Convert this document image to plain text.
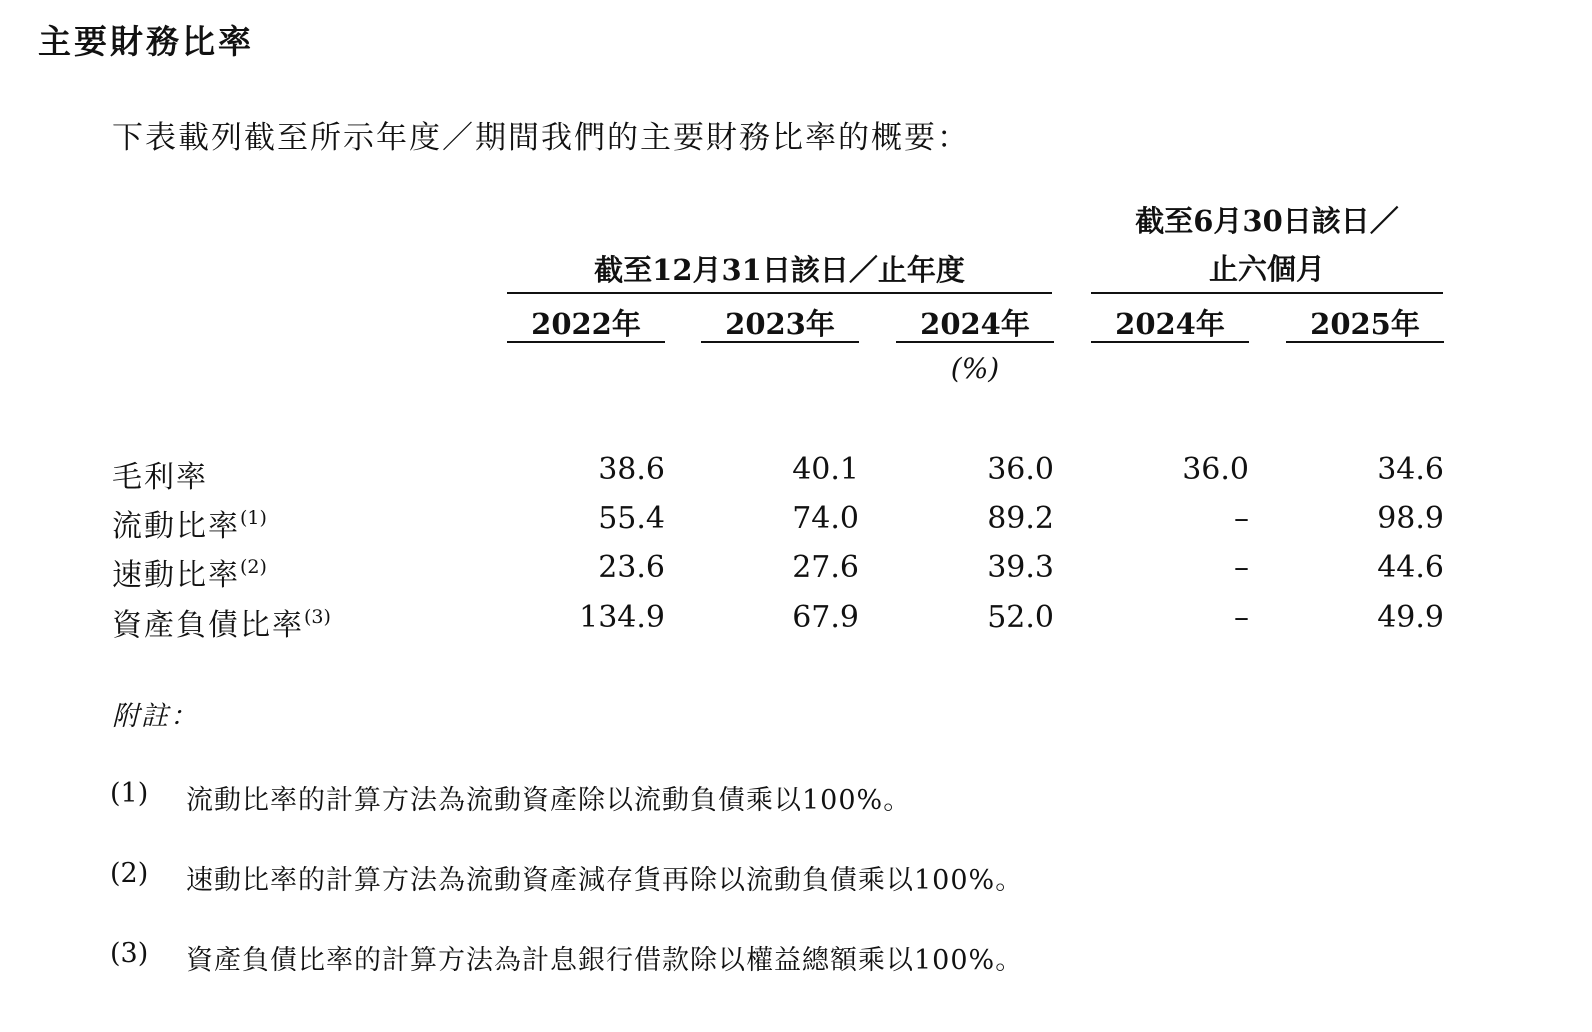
主要財務比率
下表載列截至所示年度／期間我們的主要財務比率的概要：
截至12月31日該日／止年度
截至6月30日該日／
止六個月
2022年	2023年	2024年	2024年	2025年
(%)
毛利率	38.6	40.1	36.0	36.0	34.6
流動比率$^{(1)}$	55.4	74.0	89.2	–	98.9
速動比率$^{(2)}$	23.6	27.6	39.3	–	44.6
資產負債比率$^{(3)}$	134.9	67.9	52.0	–	49.9
附註：
(1) 流動比率的計算方法為流動資產除以流動負債乘以100%。
(2) 速動比率的計算方法為流動資產減存貨再除以流動負債乘以100%。
(3) 資產負債比率的計算方法為計息銀行借款除以權益總額乘以100%。
